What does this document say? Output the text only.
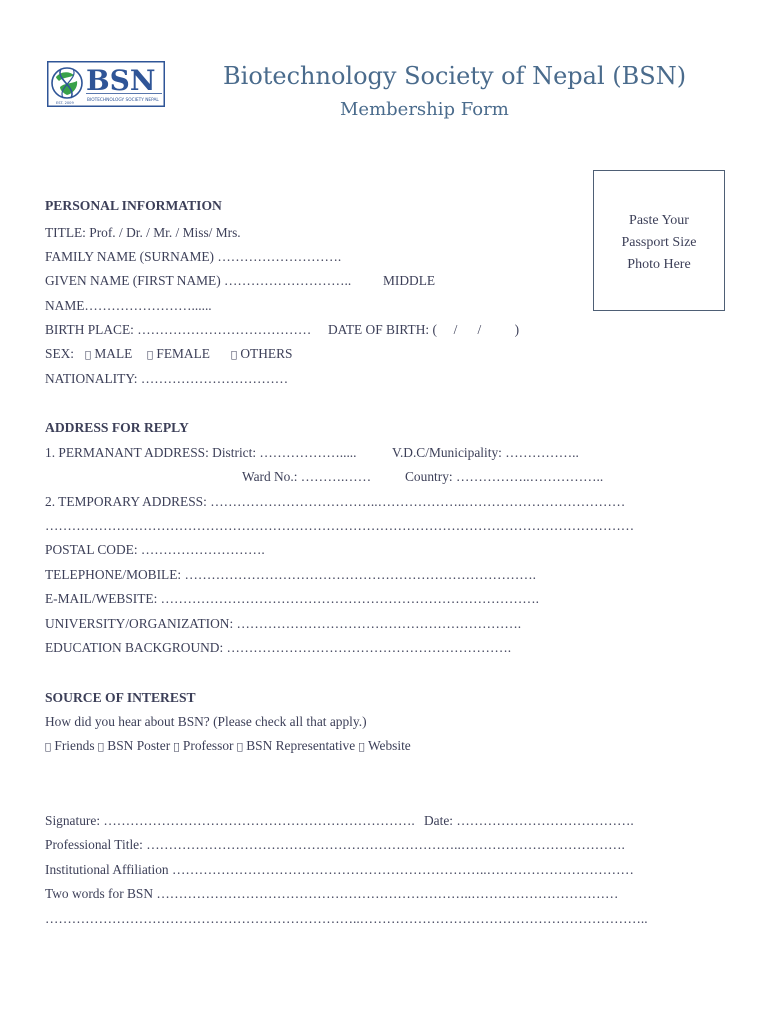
BSN
BIOTECHNOLOGY SOCIETY NEPAL
EST. 2009
Biotechnology Society of Nepal (BSN)
Membership Form
Paste Your
Passport Size
Photo Here
PERSONAL INFORMATION
TITLE: Prof. / Dr. / Mr. / Miss/ Mrs.
FAMILY NAME (SURNAME) ……………………….
GIVEN NAME (FIRST NAME) ……………………….. MIDDLE
NAME……………………......
BIRTH PLACE: ………………………………… DATE OF BIRTH: (     /      /          )
SEX: MALE FEMALE OTHERS
NATIONALITY: ……………………………
ADDRESS FOR REPLY
1. PERMANANT ADDRESS: District: ……………….....	V.D.C/Municipality: ……………..
Ward No.: ……….……	Country: ……………..……………..
2. TEMPORARY ADDRESS: ………………………………..………………..………………………………
……………………………………………………………………………………………………………………
POSTAL CODE: ……………………….
TELEPHONE/MOBILE: …………………………………………………………………….
E-MAIL/WEBSITE: ………………………………………………………………………….
UNIVERSITY/ORGANIZATION: ……………………………………………………….
EDUCATION BACKGROUND: ……………………………………………………….
SOURCE OF INTEREST
How did you hear about BSN? (Please check all that apply.)
Friends BSN Poster Professor BSN Representative Website
Signature: ……………………………………………………………. Date: ………………………………….
Professional Title: ……………………………………………………………..……………………………….
Institutional Affiliation ……………………………………………………………..……………………………
Two words for BSN ……………………………………………………………..……………………………
……………………………………………………………..………………………………………………………..
